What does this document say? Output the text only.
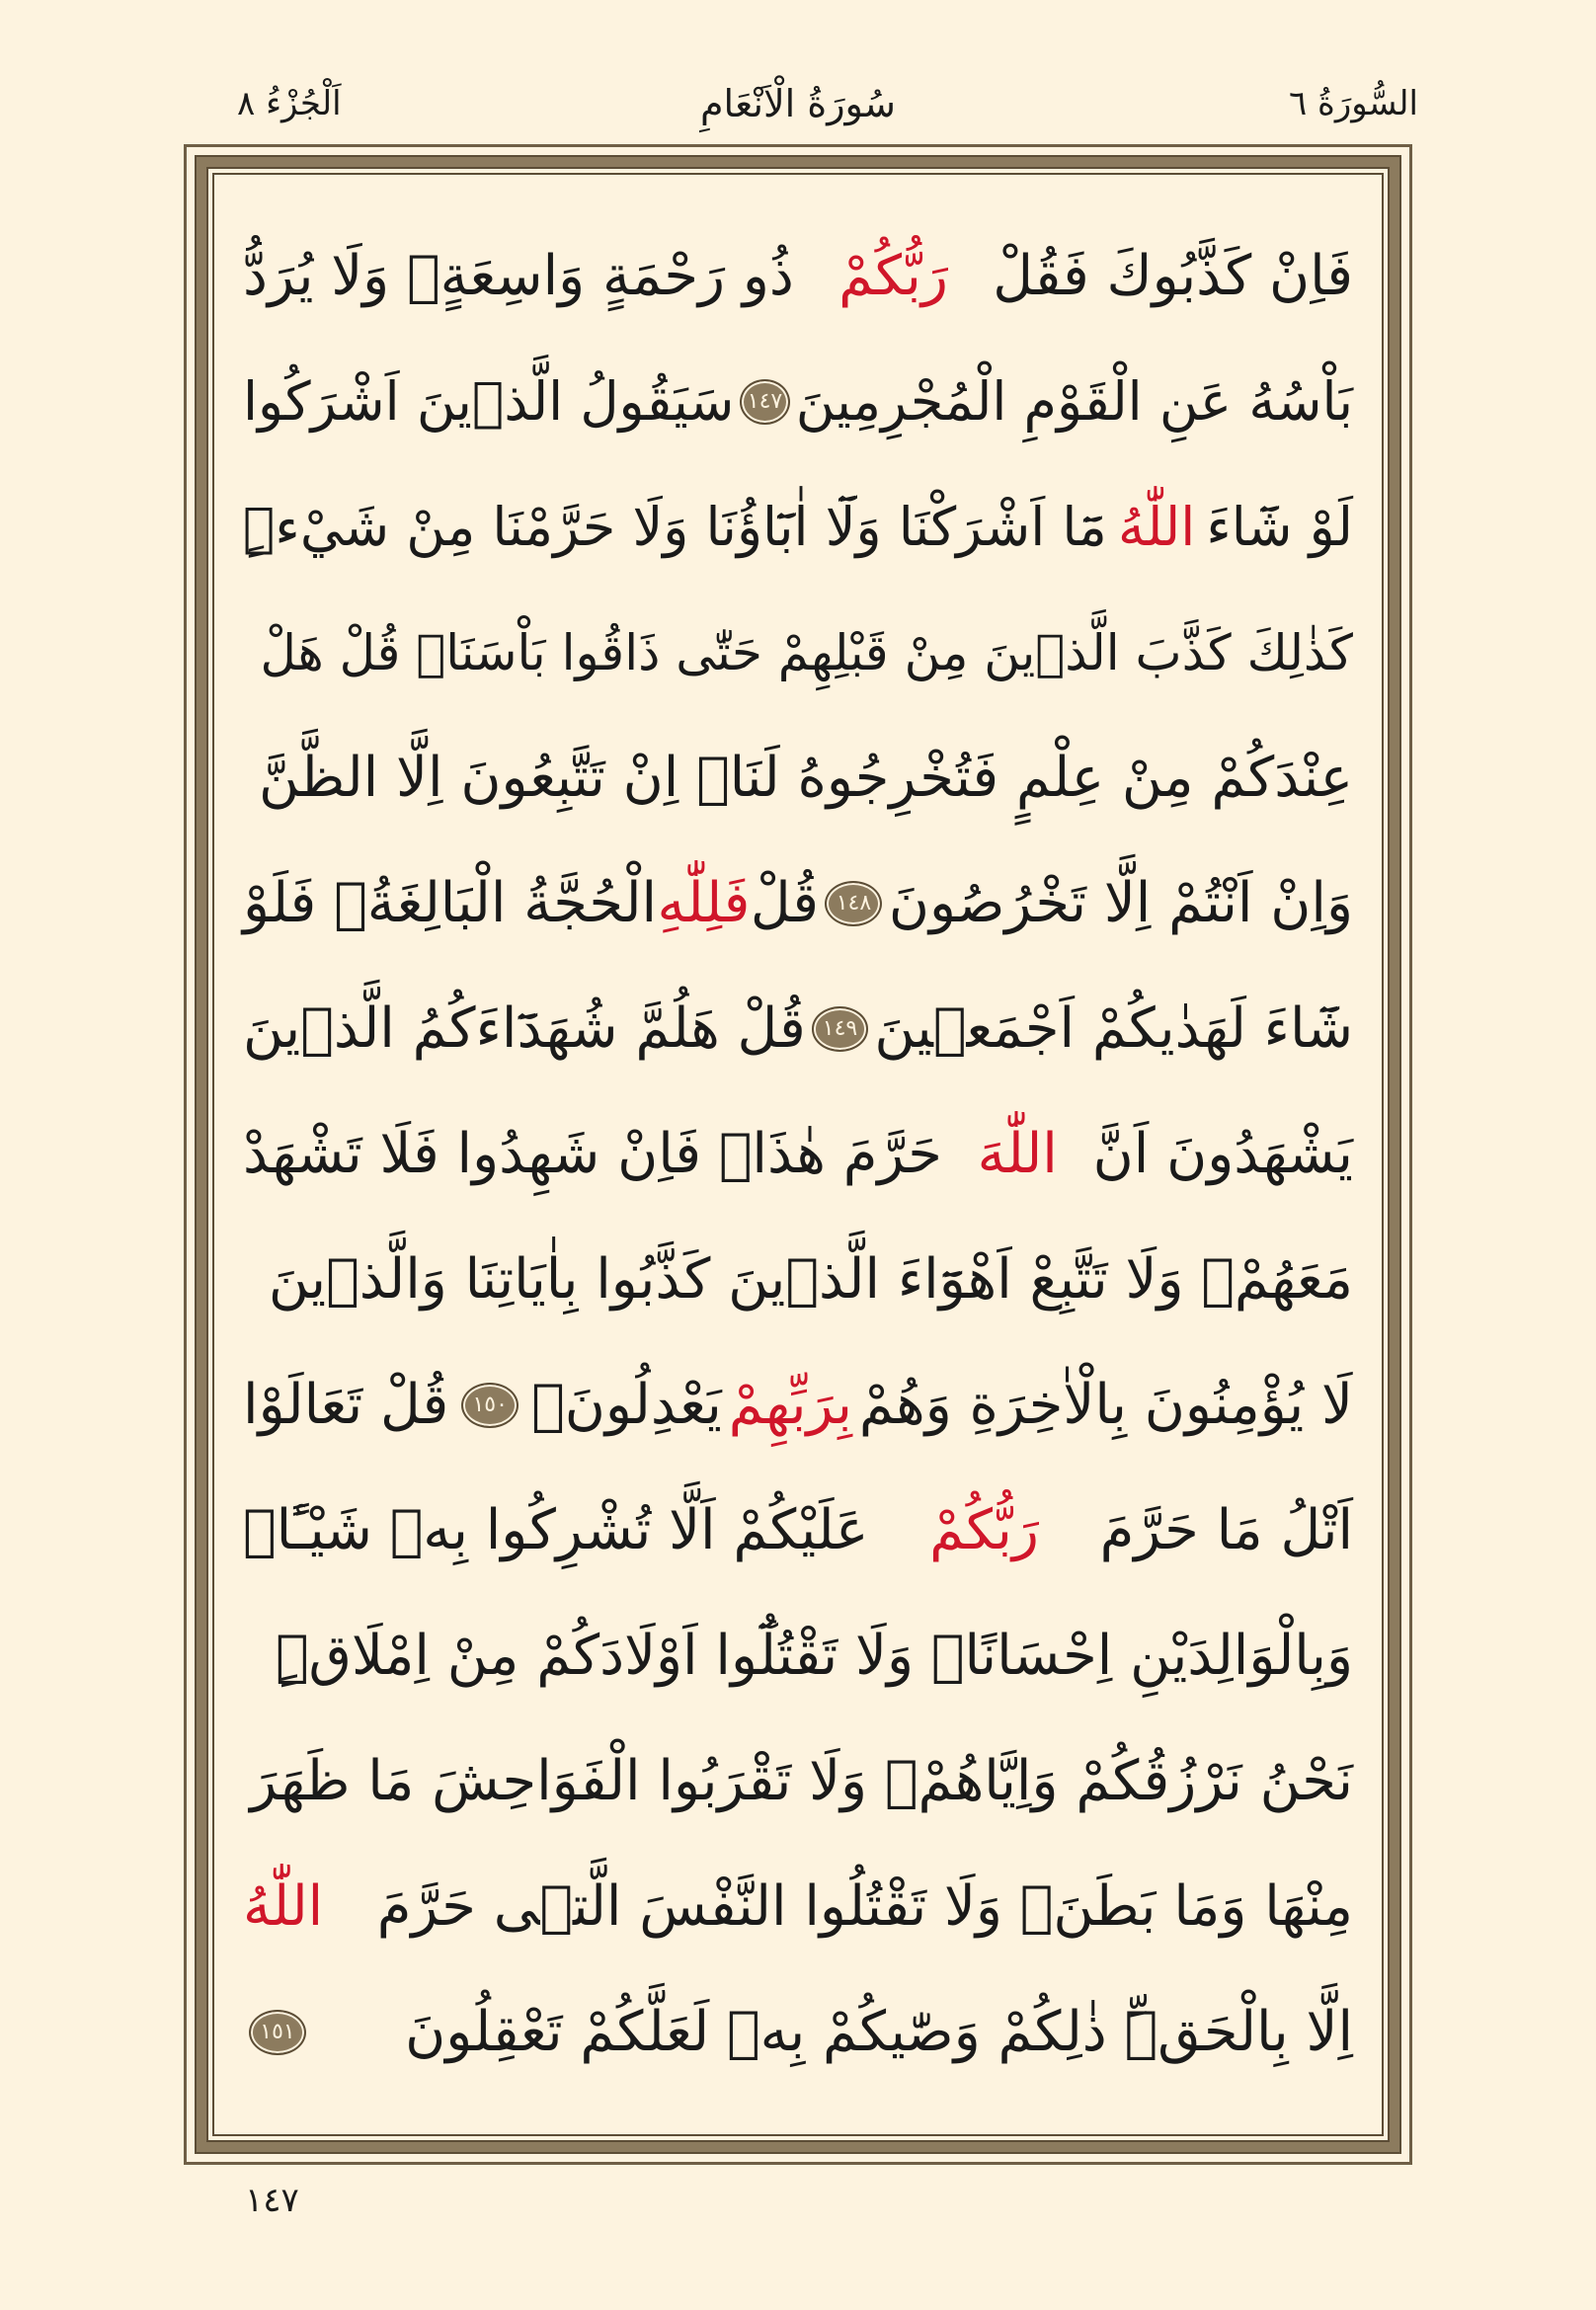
السُّورَةُ ٦
سُورَةُ الْاَنْعَامِ
اَلْجُزْءُ ٨
فَاِنْ كَذَّبُوكَ فَقُلْ
رَبُّكُمْ
ذُو رَحْمَةٍ وَاسِعَةٍۚ وَلَا يُرَدُّ
بَاْسُهُ عَنِ الْقَوْمِ الْمُجْرِمِينَ
١٤٧
سَيَقُولُ الَّذٖينَ اَشْرَكُوا
لَوْ شَٓاءَ
اللّٰهُ
مَٓا اَشْرَكْنَا وَلَٓا اٰبَٓاؤُنَا وَلَا حَرَّمْنَا مِنْ شَيْءٍۜ
كَذٰلِكَ كَذَّبَ الَّذٖينَ مِنْ قَبْلِهِمْ حَتّٰى ذَاقُوا بَاْسَنَاۜ قُلْ هَلْ
عِنْدَكُمْ مِنْ عِلْمٍ فَتُخْرِجُوهُ لَنَاۜ اِنْ تَتَّبِعُونَ اِلَّا الظَّنَّ
وَاِنْ اَنْتُمْ اِلَّا تَخْرُصُونَ
١٤٨
قُلْ
فَلِلّٰهِ
الْحُجَّةُ الْبَالِغَةُۚ فَلَوْ
شَٓاءَ لَهَدٰيكُمْ اَجْمَعٖينَ
١٤٩
قُلْ هَلُمَّ شُهَدَٓاءَكُمُ الَّذٖينَ
يَشْهَدُونَ اَنَّ
اللّٰهَ
حَرَّمَ هٰذَاۚ فَاِنْ شَهِدُوا فَلَا تَشْهَدْ
مَعَهُمْۚ وَلَا تَتَّبِعْ اَهْوَٓاءَ الَّذٖينَ كَذَّبُوا بِاٰيَاتِنَا وَالَّذٖينَ
لَا يُؤْمِنُونَ بِالْاٰخِرَةِ وَهُمْ
بِرَبِّهِمْ
يَعْدِلُونَ۟
١٥٠
قُلْ تَعَالَوْا
اَتْلُ مَا حَرَّمَ
رَبُّكُمْ
عَلَيْكُمْ اَلَّا تُشْرِكُوا بِهٖ شَيْـًٔاۜ
وَبِالْوَالِدَيْنِ اِحْسَانًاۚ وَلَا تَقْتُلُٓوا اَوْلَادَكُمْ مِنْ اِمْلَاقٍۜ
نَحْنُ نَرْزُقُكُمْ وَاِيَّاهُمْۚ وَلَا تَقْرَبُوا الْفَوَاحِشَ مَا ظَهَرَ
مِنْهَا وَمَا بَطَنَۚ وَلَا تَقْتُلُوا النَّفْسَ الَّتٖى حَرَّمَ
اللّٰهُ
اِلَّا بِالْحَقِّۜ ذٰلِكُمْ وَصّٰيكُمْ بِهٖ لَعَلَّكُمْ تَعْقِلُونَ
١٥١
١٤٧
